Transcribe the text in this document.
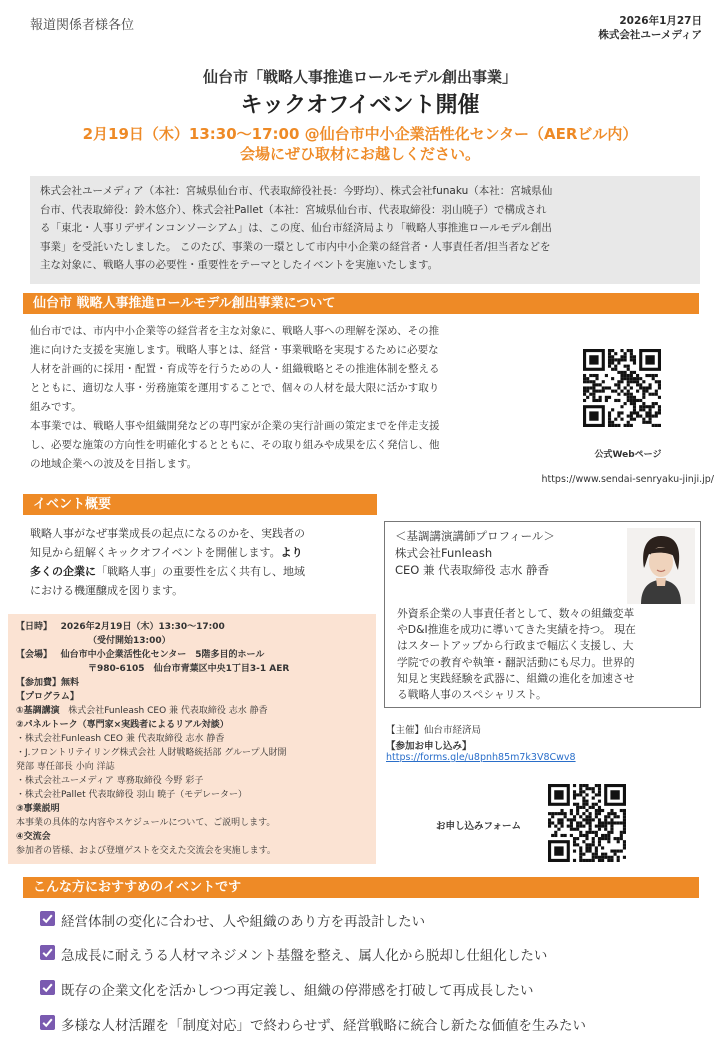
報道関係者様各位	2026年1月27日
株式会社ユーメディア
仙台市「戦略人事推進ロールモデル創出事業」
キックオフイベント開催
2月19日（木）13:30～17:00 @仙台市中小企業活性化センター（AERビル内）
会場にぜひ取材にお越しください。
株式会社ユーメディア（本社：宮城県仙台市、代表取締役社長：今野均）、株式会社funaku（本社：宮城県仙
台市、代表取締役：鈴木悠介）、株式会社Pallet（本社：宮城県仙台市、代表取締役：羽山暁子）で構成され
る「東北・人事リデザインコンソーシアム」は、この度、仙台市経済局より「戦略人事推進ロールモデル創出
事業」を受託いたしました。 このたび、事業の一環として市内中小企業の経営者・人事責任者/担当者などを
主な対象に、戦略人事の必要性・重要性をテーマとしたイベントを実施いたします。
仙台市 戦略人事推進ロールモデル創出事業について
仙台市では、市内中小企業等の経営者を主な対象に、戦略人事への理解を深め、その推
進に向けた支援を実施します。戦略人事とは、経営・事業戦略を実現するために必要な
人材を計画的に採用・配置・育成等を行うための人・組織戦略とその推進体制を整える
とともに、適切な人事・労務施策を運用することで、個々の人材を最大限に活かす取り
組みです。
本事業では、戦略人事や組織開発などの専門家が企業の実行計画の策定までを伴走支援
し、必要な施策の方向性を明確化するとともに、その取り組みや成果を広く発信し、他
の地域企業への波及を目指します。
公式Webページ
https://www.sendai-senryaku-jinji.jp/
イベント概要
戦略人事がなぜ事業成長の起点になるのかを、実践者の
知見から紐解くキックオフイベントを開催します。より
多くの企業に「戦略人事」の重要性を広く共有し、地域
における機運醸成を図ります。
【日時】 2026年2月19日（木）13:30～17:00
（受付開始13:00）
【会場】 仙台市中小企業活性化センター　5階多目的ホール
〒980-6105　仙台市青葉区中央1丁目3-1 AER
【参加費】無料
【プログラム】
①基調講演 株式会社Funleash CEO 兼 代表取締役 志水 静香
②パネルトーク（専門家×実践者によるリアル対談）
・株式会社Funleash CEO 兼 代表取締役 志水 静香
・J.フロントリテイリング株式会社 人財戦略統括部 グループ人財開
発部 専任部長 小向 洋誌
・株式会社ユーメディア 専務取締役 今野 彩子
・株式会社Pallet 代表取締役 羽山 暁子（モデレーター）
③事業説明
本事業の具体的な内容やスケジュールについて、ご説明します。
④交流会
参加者の皆様、および登壇ゲストを交えた交流会を実施します。
＜基調講演講師プロフィール＞
株式会社Funleash
CEO 兼 代表取締役 志水 静香
外資系企業の人事責任者として、数々の組織変革
やD&I推進を成功に導いてきた実績を持つ。 現在
はスタートアップから行政まで幅広く支援し、大
学院での教育や執筆・翻訳活動にも尽力。世界的
知見と実践経験を武器に、組織の進化を加速させ
る戦略人事のスペシャリスト。
【主催】仙台市経済局
【参加お申し込み】
https://forms.gle/u8pnh85m7k3V8Cwv8
お申し込みフォーム
こんな方におすすめのイベントです
経営体制の変化に合わせ、人や組織のあり方を再設計したい
急成長に耐えうる人材マネジメント基盤を整え、属人化から脱却し仕組化したい
既存の企業文化を活かしつつ再定義し、組織の停滞感を打破して再成長したい
多様な人材活躍を「制度対応」で終わらせず、経営戦略に統合し新たな価値を生みたい
